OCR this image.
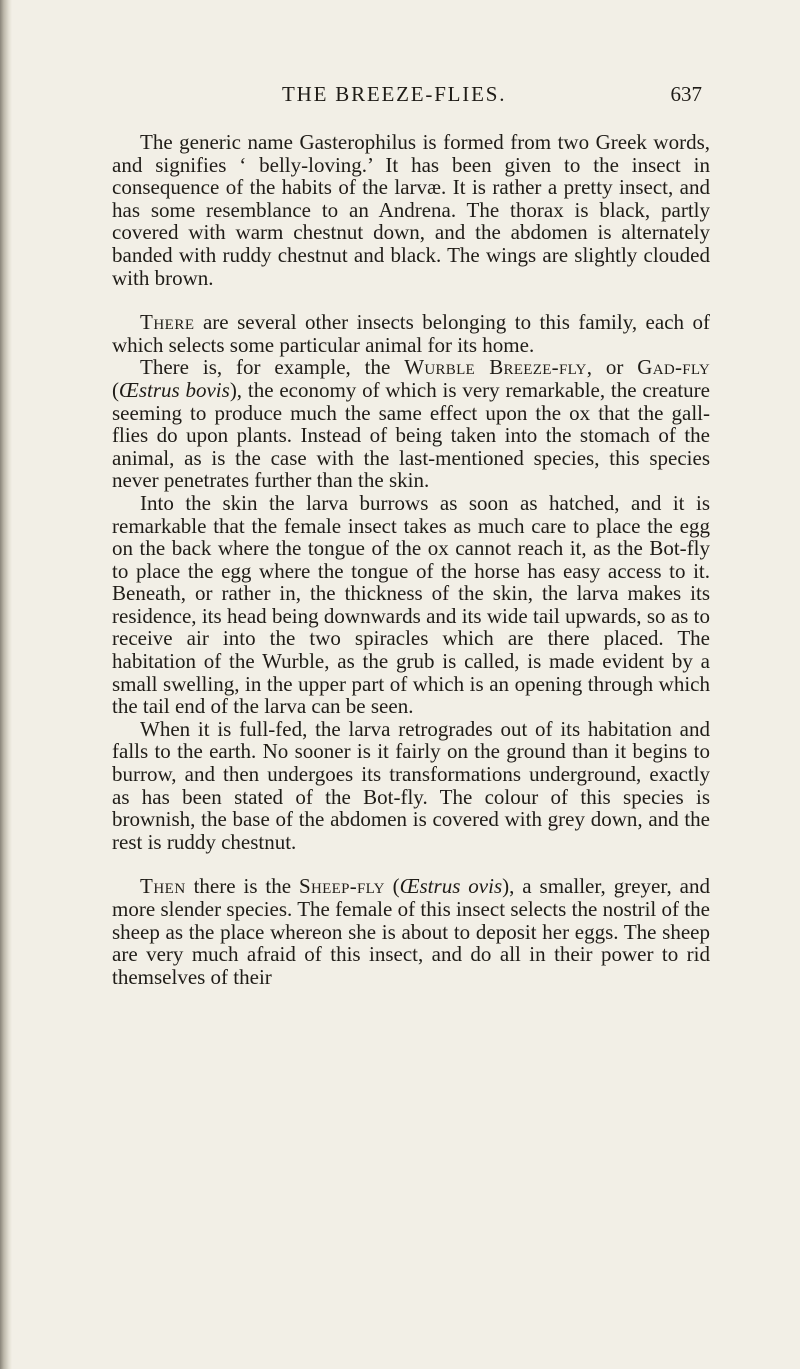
THE BREEZE-FLIES.	637

The generic name Gasterophilus is formed from two Greek words, and signifies ‘ belly-loving.’ It has been given to the insect in consequence of the habits of the larvæ. It is rather a pretty insect, and has some resemblance to an Andrena. The thorax is black, partly covered with warm chestnut down, and the abdomen is alternately banded with ruddy chestnut and black. The wings are slightly clouded with brown.

There are several other insects belonging to this family, each of which selects some particular animal for its home.

There is, for example, the Wurble Breeze-fly, or Gad-fly (Œstrus bovis), the economy of which is very remarkable, the creature seeming to produce much the same effect upon the ox that the gall-flies do upon plants. Instead of being taken into the stomach of the animal, as is the case with the last-mentioned species, this species never penetrates further than the skin.

Into the skin the larva burrows as soon as hatched, and it is remarkable that the female insect takes as much care to place the egg on the back where the tongue of the ox cannot reach it, as the Bot-fly to place the egg where the tongue of the horse has easy access to it. Beneath, or rather in, the thickness of the skin, the larva makes its residence, its head being downwards and its wide tail upwards, so as to receive air into the two spiracles which are there placed. The habitation of the Wurble, as the grub is called, is made evident by a small swelling, in the upper part of which is an opening through which the tail end of the larva can be seen.

When it is full-fed, the larva retrogrades out of its habitation and falls to the earth. No sooner is it fairly on the ground than it begins to burrow, and then undergoes its transformations underground, exactly as has been stated of the Bot-fly. The colour of this species is brownish, the base of the abdomen is covered with grey down, and the rest is ruddy chestnut.

Then there is the Sheep-fly (Œstrus ovis), a smaller, greyer, and more slender species. The female of this insect selects the nostril of the sheep as the place whereon she is about to deposit her eggs. The sheep are very much afraid of this insect, and do all in their power to rid themselves of their
